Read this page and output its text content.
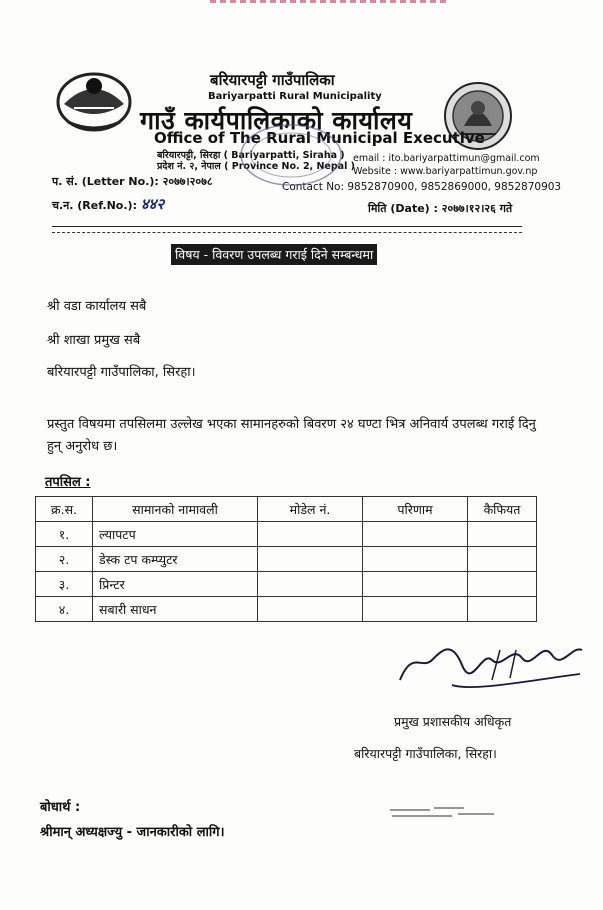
बरियारपट्टी गाउँपालिका
Bariyarpatti Rural Municipality
गाउँ कार्यपालिकाको कार्यालय
Office of The Rural Municipal Executive
बरियारपट्टी, सिरहा ( Bariyarpatti, Siraha )
प्रदेश नं. २, नेपाल ( Province No. 2, Nepal )
email : ito.bariyarpattimun@gmail.com
Website : www.bariyarpattimun.gov.np
Contact No: 9852870900, 9852869000, 9852870903
प. सं. (Letter No.): २०७७।२०७८
च.न. (Ref.No.): ४४२	मिति (Date) : २०७७।१२।२६ गते
विषय - विवरण उपलब्ध गराई दिने सम्बन्धमा
श्री वडा कार्यालय सबै
श्री शाखा प्रमुख सबै
बरियारपट्टी गाउँपालिका, सिरहा।
प्रस्तुत विषयमा तपसिलमा उल्लेख भएका सामानहरुको बिवरण २४ घण्टा भित्र अनिवार्य उपलब्ध गराई दिनु हुन् अनुरोध छ।
तपसिल :
क्र.स.	सामानको नामावली	मोडेल नं.	परिणाम	कैफियत
१.	ल्यापटप			
२.	डेस्क टप कम्प्युटर			
३.	प्रिन्टर			
४.	सबारी साधन			
प्रमुख प्रशासकीय अधिकृत
बरियारपट्टी गाउँपालिका, सिरहा।
बोधार्थ :
श्रीमान् अध्यक्षज्यु - जानकारीको लागि।
